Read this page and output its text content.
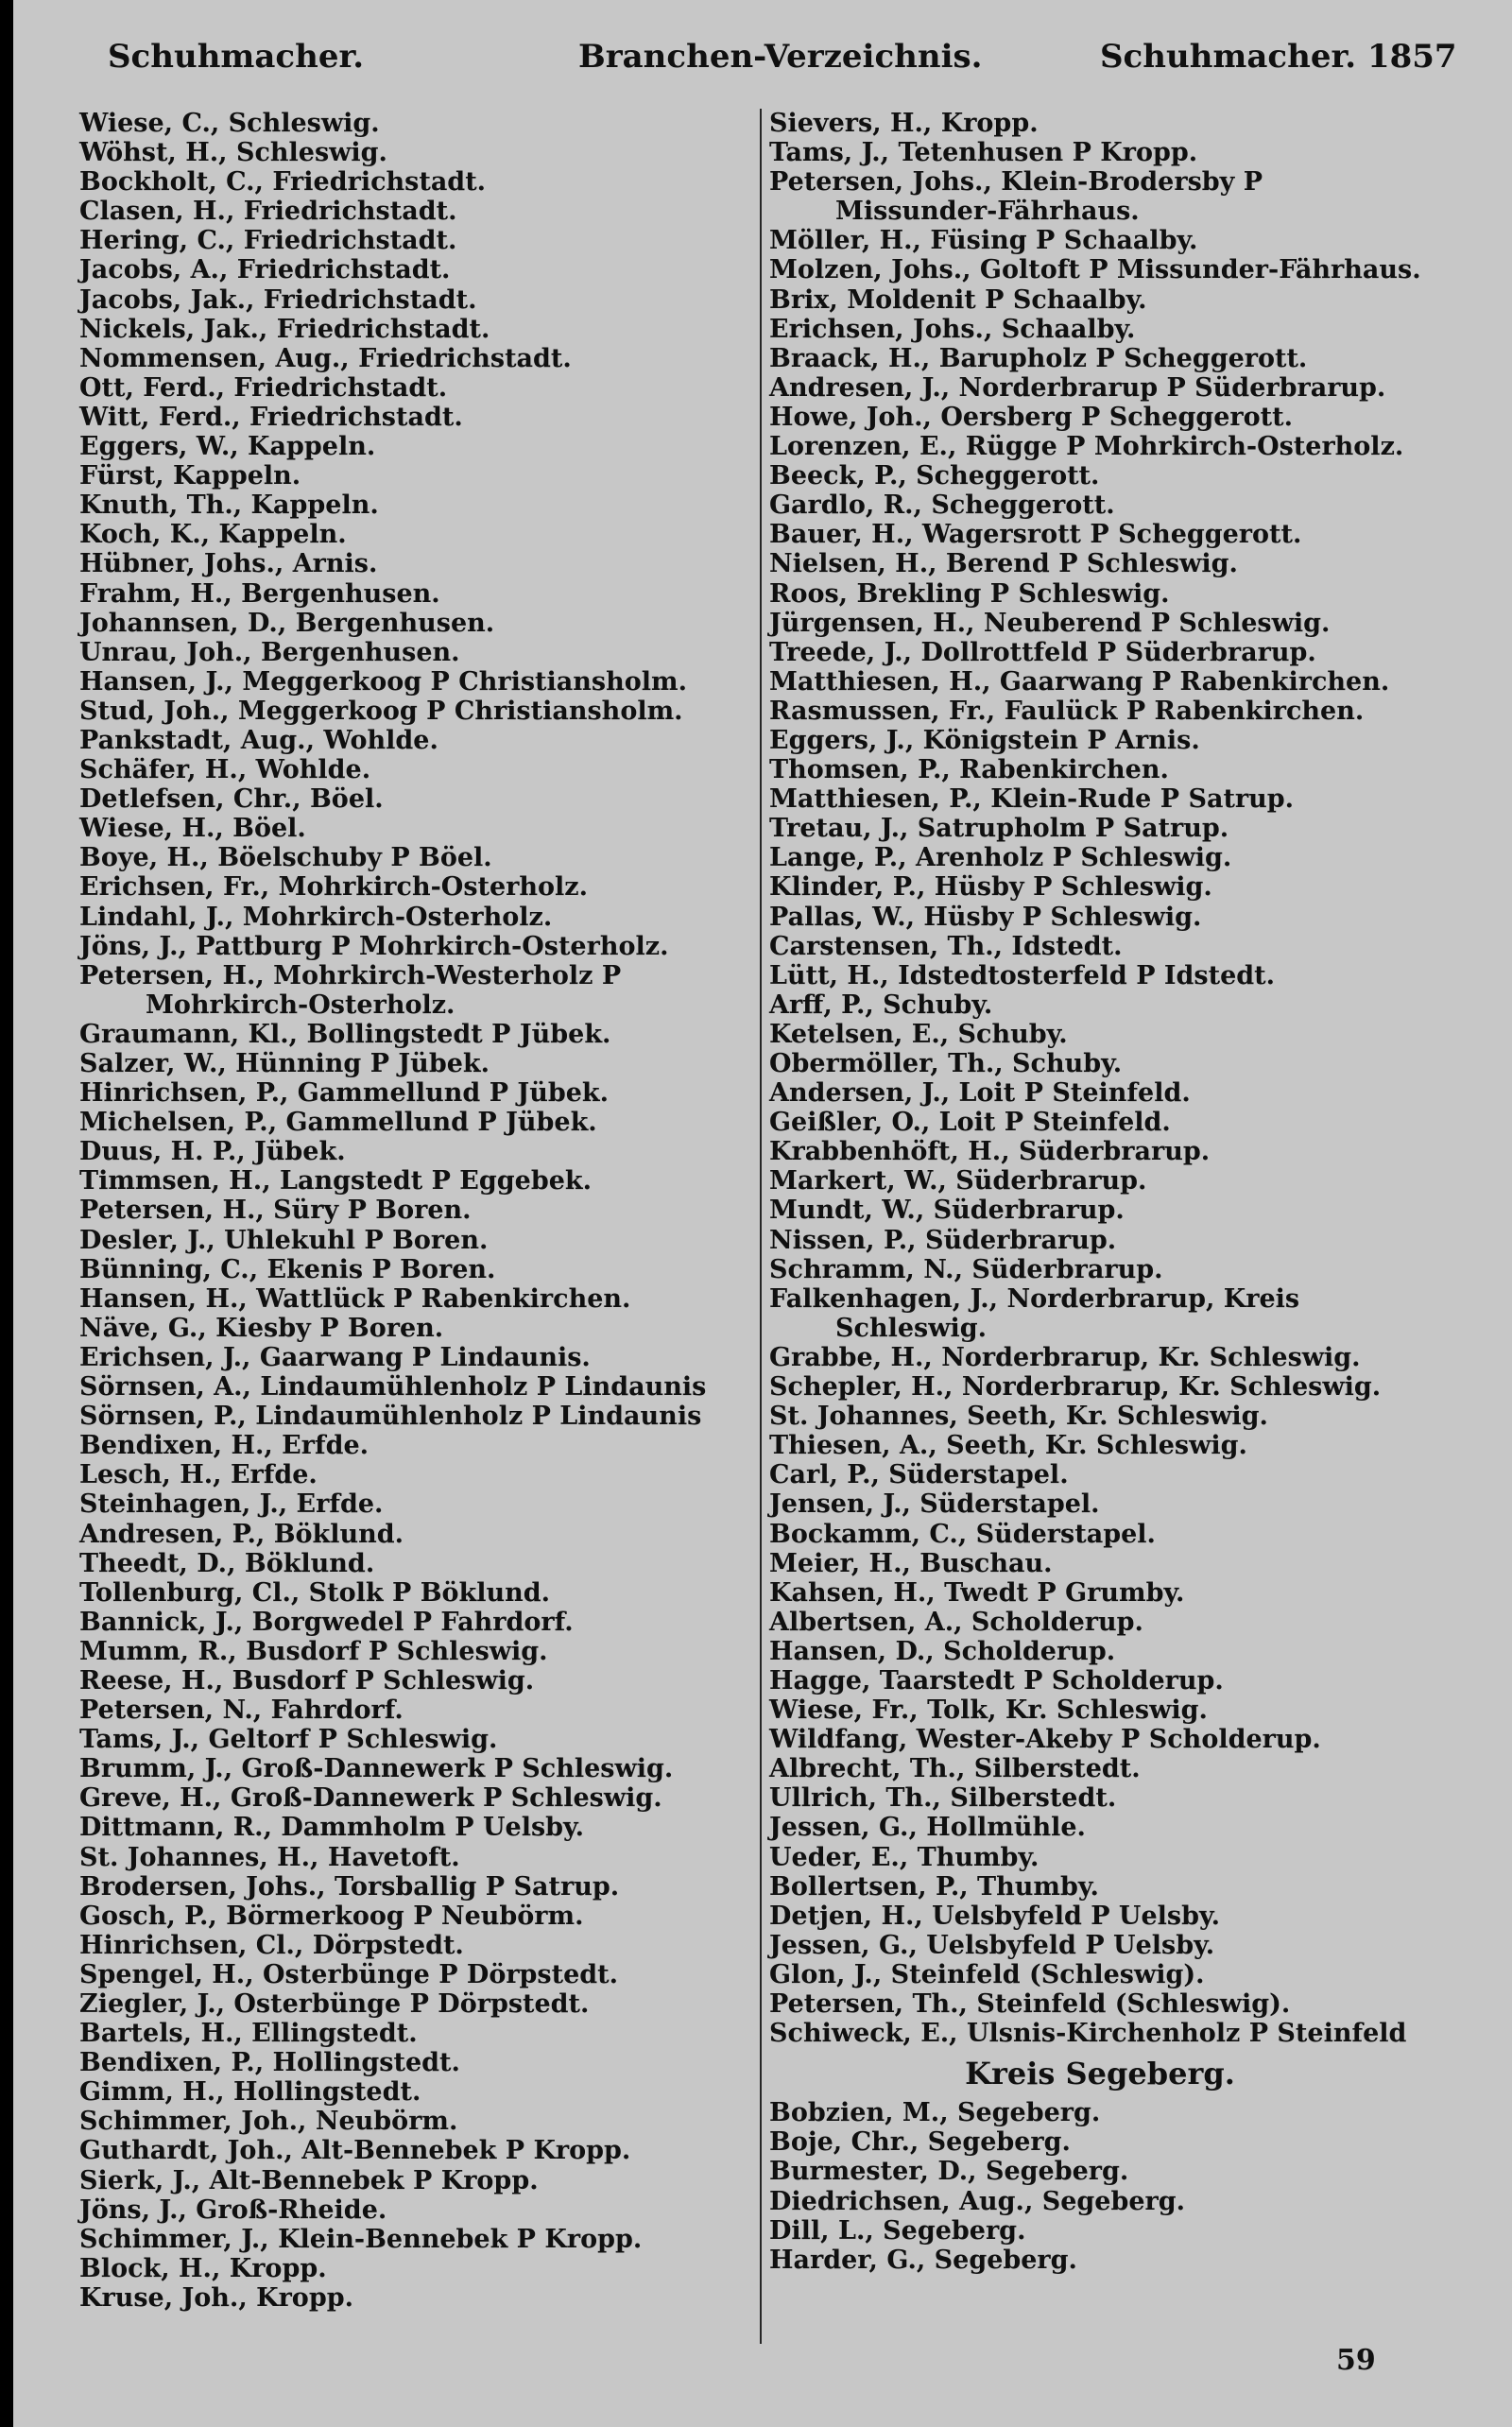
Schuhmacher.	Branchen-Verzeichnis.	Schuhmacher. 1857
Wiese, C., Schleswig.
Wöhst, H., Schleswig.
Bockholt, C., Friedrichstadt.
Clasen, H., Friedrichstadt.
Hering, C., Friedrichstadt.
Jacobs, A., Friedrichstadt.
Jacobs, Jak., Friedrichstadt.
Nickels, Jak., Friedrichstadt.
Nommensen, Aug., Friedrichstadt.
Ott, Ferd., Friedrichstadt.
Witt, Ferd., Friedrichstadt.
Eggers, W., Kappeln.
Fürst, Kappeln.
Knuth, Th., Kappeln.
Koch, K., Kappeln.
Hübner, Johs., Arnis.
Frahm, H., Bergenhusen.
Johannsen, D., Bergenhusen.
Unrau, Joh., Bergenhusen.
Hansen, J., Meggerkoog P Christiansholm.
Stud, Joh., Meggerkoog P Christiansholm.
Pankstadt, Aug., Wohlde.
Schäfer, H., Wohlde.
Detlefsen, Chr., Böel.
Wiese, H., Böel.
Boye, H., Böelschuby P Böel.
Erichsen, Fr., Mohrkirch-Osterholz.
Lindahl, J., Mohrkirch-Osterholz.
Jöns, J., Pattburg P Mohrkirch-Osterholz.
Petersen, H., Mohrkirch-Westerholz P Mohrkirch-Osterholz.
Graumann, Kl., Bollingstedt P Jübek.
Salzer, W., Hünning P Jübek.
Hinrichsen, P., Gammellund P Jübek.
Michelsen, P., Gammellund P Jübek.
Duus, H. P., Jübek.
Timmsen, H., Langstedt P Eggebek.
Petersen, H., Süry P Boren.
Desler, J., Uhlekuhl P Boren.
Bünning, C., Ekenis P Boren.
Hansen, H., Wattlück P Rabenkirchen.
Näve, G., Kiesby P Boren.
Erichsen, J., Gaarwang P Lindaunis.
Sörnsen, A., Lindaumühlenholz P Lindaunis
Sörnsen, P., Lindaumühlenholz P Lindaunis
Bendixen, H., Erfde.
Lesch, H., Erfde.
Steinhagen, J., Erfde.
Andresen, P., Böklund.
Theedt, D., Böklund.
Tollenburg, Cl., Stolk P Böklund.
Bannick, J., Borgwedel P Fahrdorf.
Mumm, R., Busdorf P Schleswig.
Reese, H., Busdorf P Schleswig.
Petersen, N., Fahrdorf.
Tams, J., Geltorf P Schleswig.
Brumm, J., Groß-Dannewerk P Schleswig.
Greve, H., Groß-Dannewerk P Schleswig.
Dittmann, R., Dammholm P Uelsby.
St. Johannes, H., Havetoft.
Brodersen, Johs., Torsballig P Satrup.
Gosch, P., Börmerkoog P Neubörm.
Hinrichsen, Cl., Dörpstedt.
Spengel, H., Osterbünge P Dörpstedt.
Ziegler, J., Osterbünge P Dörpstedt.
Bartels, H., Ellingstedt.
Bendixen, P., Hollingstedt.
Gimm, H., Hollingstedt.
Schimmer, Joh., Neubörm.
Guthardt, Joh., Alt-Bennebek P Kropp.
Sierk, J., Alt-Bennebek P Kropp.
Jöns, J., Groß-Rheide.
Schimmer, J., Klein-Bennebek P Kropp.
Block, H., Kropp.
Kruse, Joh., Kropp.
Sievers, H., Kropp.
Tams, J., Tetenhusen P Kropp.
Petersen, Johs., Klein-Brodersby P Missunder-Fährhaus.
Möller, H., Füsing P Schaalby.
Molzen, Johs., Goltoft P Missunder-Fährhaus.
Brix, Moldenit P Schaalby.
Erichsen, Johs., Schaalby.
Braack, H., Barupholz P Scheggerott.
Andresen, J., Norderbrarup P Süderbrarup.
Howe, Joh., Oersberg P Scheggerott.
Lorenzen, E., Rügge P Mohrkirch-Osterholz.
Beeck, P., Scheggerott.
Gardlo, R., Scheggerott.
Bauer, H., Wagersrott P Scheggerott.
Nielsen, H., Berend P Schleswig.
Roos, Brekling P Schleswig.
Jürgensen, H., Neuberend P Schleswig.
Treede, J., Dollrottfeld P Süderbrarup.
Matthiesen, H., Gaarwang P Rabenkirchen.
Rasmussen, Fr., Faulück P Rabenkirchen.
Eggers, J., Königstein P Arnis.
Thomsen, P., Rabenkirchen.
Matthiesen, P., Klein-Rude P Satrup.
Tretau, J., Satrupholm P Satrup.
Lange, P., Arenholz P Schleswig.
Klinder, P., Hüsby P Schleswig.
Pallas, W., Hüsby P Schleswig.
Carstensen, Th., Idstedt.
Lütt, H., Idstedtosterfeld P Idstedt.
Arff, P., Schuby.
Ketelsen, E., Schuby.
Obermöller, Th., Schuby.
Andersen, J., Loit P Steinfeld.
Geißler, O., Loit P Steinfeld.
Krabbenhöft, H., Süderbrarup.
Markert, W., Süderbrarup.
Mundt, W., Süderbrarup.
Nissen, P., Süderbrarup.
Schramm, N., Süderbrarup.
Falkenhagen, J., Norderbrarup, Kreis Schleswig.
Grabbe, H., Norderbrarup, Kr. Schleswig.
Schepler, H., Norderbrarup, Kr. Schleswig.
St. Johannes, Seeth, Kr. Schleswig.
Thiesen, A., Seeth, Kr. Schleswig.
Carl, P., Süderstapel.
Jensen, J., Süderstapel.
Bockamm, C., Süderstapel.
Meier, H., Buschau.
Kahsen, H., Twedt P Grumby.
Albertsen, A., Scholderup.
Hansen, D., Scholderup.
Hagge, Taarstedt P Scholderup.
Wiese, Fr., Tolk, Kr. Schleswig.
Wildfang, Wester-Akeby P Scholderup.
Albrecht, Th., Silberstedt.
Ullrich, Th., Silberstedt.
Jessen, G., Hollmühle.
Ueder, E., Thumby.
Bollertsen, P., Thumby.
Detjen, H., Uelsbyfeld P Uelsby.
Jessen, G., Uelsbyfeld P Uelsby.
Glon, J., Steinfeld (Schleswig).
Petersen, Th., Steinfeld (Schleswig).
Schiweck, E., Ulsnis-Kirchenholz P Steinfeld
Kreis Segeberg.
Bobzien, M., Segeberg.
Boje, Chr., Segeberg.
Burmester, D., Segeberg.
Diedrichsen, Aug., Segeberg.
Dill, L., Segeberg.
Harder, G., Segeberg.
59
